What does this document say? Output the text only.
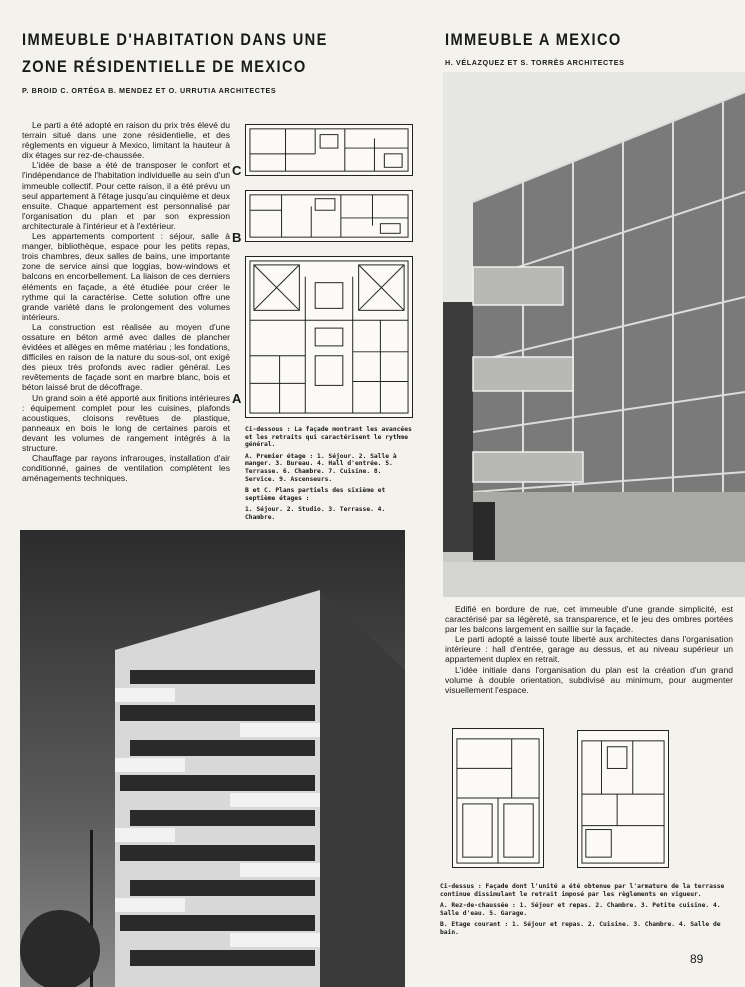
IMMEUBLE D'HABITATION DANS UNE
ZONE RÉSIDENTIELLE DE MEXICO
P. BROID C. ORTÉGA B. MENDEZ ET O. URRUTIA ARCHITECTES
IMMEUBLE A MEXICO
H. VÉLAZQUEZ ET S. TORRÈS ARCHITECTES

Le parti a été adopté en raison du prix très élevé du terrain situé dans une zone résidentielle, et des règlements en vigueur à Mexico, limitant la hauteur à dix étages sur rez-de-chaussée.

L'idée de base a été de transposer le confort et l'indépendance de l'habitation individuelle au sein d'un immeuble collectif. Pour cette raison, il a été prévu un seul appartement à l'étage jusqu'au cinquième et deux ensuite. Chaque appartement est personnalisé par l'organisation du plan et par son expression architecturale à l'intérieur et à l'extérieur.

Les appartements comportent : séjour, salle à manger, bibliothèque, espace pour les petits repas, trois chambres, deux salles de bains, une importante zone de service ainsi que loggias, bow-windows et balcons en encorbellement. La liaison de ces derniers éléments en façade, a été étudiée pour créer le rythme qui la caractérise. Cette solution offre une grande variété dans le prolongement des volumes intérieurs.

La construction est réalisée au moyen d'une ossature en béton armé avec dalles de plancher évidées et allèges en même matériau ; les fondations, difficiles en raison de la nature du sous-sol, ont exigé des pieux très profonds avec radier général. Les revêtements de façade sont en marbre blanc, bois et béton laissé brut de décoffrage.

Un grand soin a été apporté aux finitions intérieures : équipement complet pour les cuisines, plafonds acoustiques, cloisons revêtues de plastique, panneaux en bois le long de certaines parois et devant les volumes de rangement intégrés à la structure.

Chauffage par rayons infrarouges, installation d'air conditionné, gaines de ventilation complètent les aménagements techniques.

C
B
A

Ci-dessous : La façade montrant les avancées et les retraits qui caractérisent le rythme général.

A. Premier étage : 1. Séjour. 2. Salle à manger. 3. Bureau. 4. Hall d'entrée. 5. Terrasse. 6. Chambre. 7. Cuisine. 8. Service. 9. Ascenseurs.

B et C. Plans partiels des sixième et septième étages :

1. Séjour. 2. Studio. 3. Terrasse. 4. Chambre.

Edifié en bordure de rue, cet immeuble d'une grande simplicité, est caractérisé par sa légèreté, sa transparence, et le jeu des ombres portées par les balcons largement en saillie sur la façade.

Le parti adopté a laissé toute liberté aux architectes dans l'organisation intérieure : hall d'entrée, garage au dessus, et au niveau supérieur un appartement duplex en retrait.

L'idée initiale dans l'organisation du plan est la création d'un grand volume à double orientation, subdivisé au minimum, pour augmenter visuellement l'espace.

Ci-dessus : Façade dont l'unité a été obtenue par l'armature de la terrasse continue dissimulant le retrait imposé par les règlements en vigueur.

A. Rez-de-chaussée : 1. Séjour et repas. 2. Chambre. 3. Petite cuisine. 4. Salle d'eau. 5. Garage.

B. Etage courant : 1. Séjour et repas. 2. Cuisine. 3. Chambre. 4. Salle de bain.

89
